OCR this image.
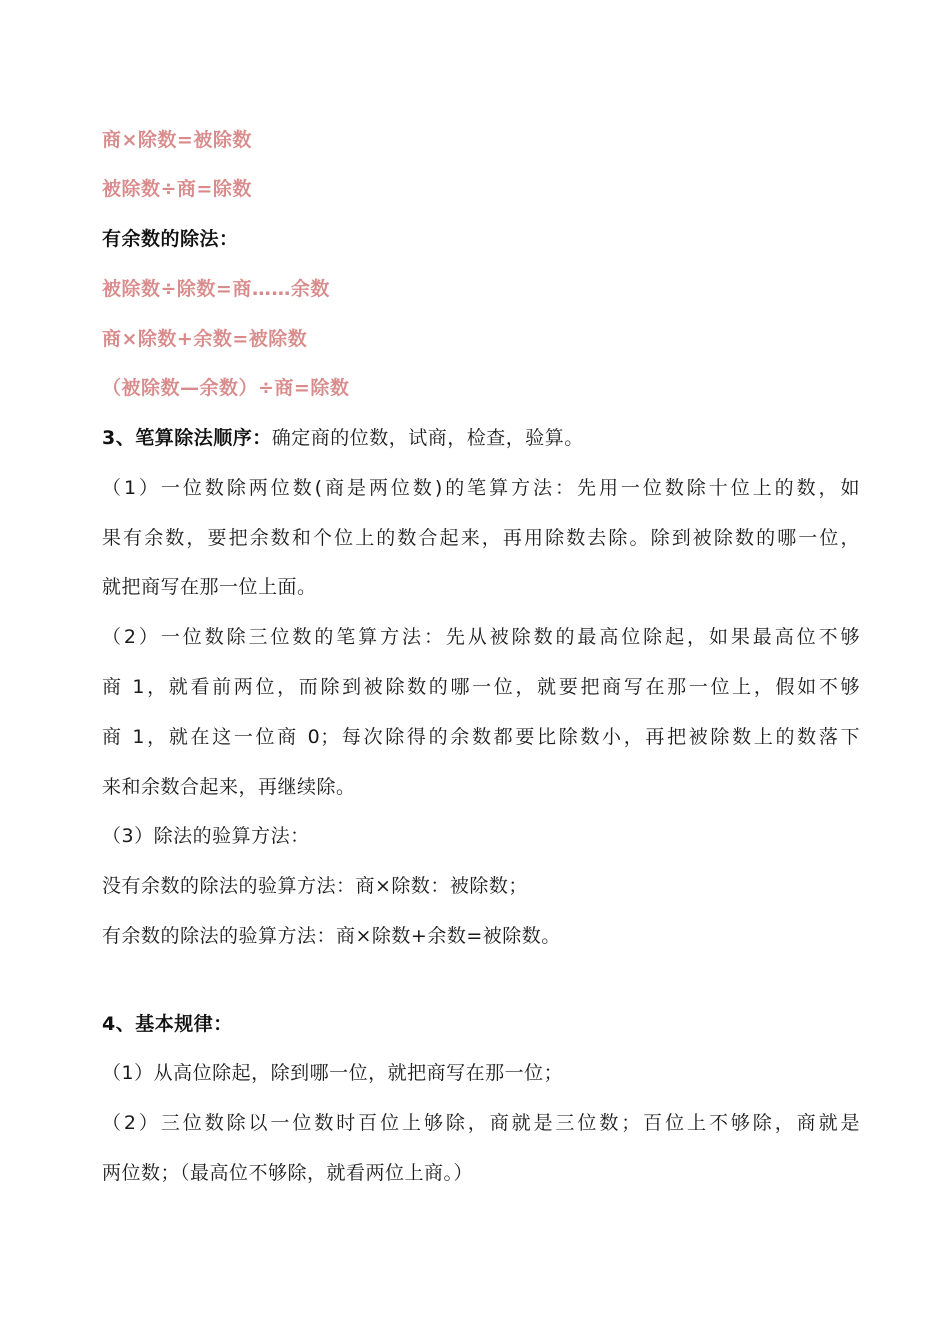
商×除数=被除数
被除数÷商=除数
有余数的除法：
被除数÷除数=商……余数
商×除数+余数=被除数
（被除数—余数）÷商=除数
3、笔算除法顺序：确定商的位数，试商，检查，验算。
（1）一位数除两位数(商是两位数)的笔算方法：先用一位数除十位上的数，如
果有余数，要把余数和个位上的数合起来，再用除数去除。除到被除数的哪一位，
就把商写在那一位上面。
（2）一位数除三位数的笔算方法：先从被除数的最高位除起，如果最高位不够
商 1，就看前两位，而除到被除数的哪一位，就要把商写在那一位上，假如不够
商 1，就在这一位商 0；每次除得的余数都要比除数小，再把被除数上的数落下
来和余数合起来，再继续除。
（3）除法的验算方法：
没有余数的除法的验算方法：商×除数：被除数；
有余数的除法的验算方法：商×除数+余数=被除数。
4、基本规律：
（1）从高位除起，除到哪一位，就把商写在那一位；
（2）三位数除以一位数时百位上够除，商就是三位数；百位上不够除，商就是
两位数；（最高位不够除，就看两位上商。）
